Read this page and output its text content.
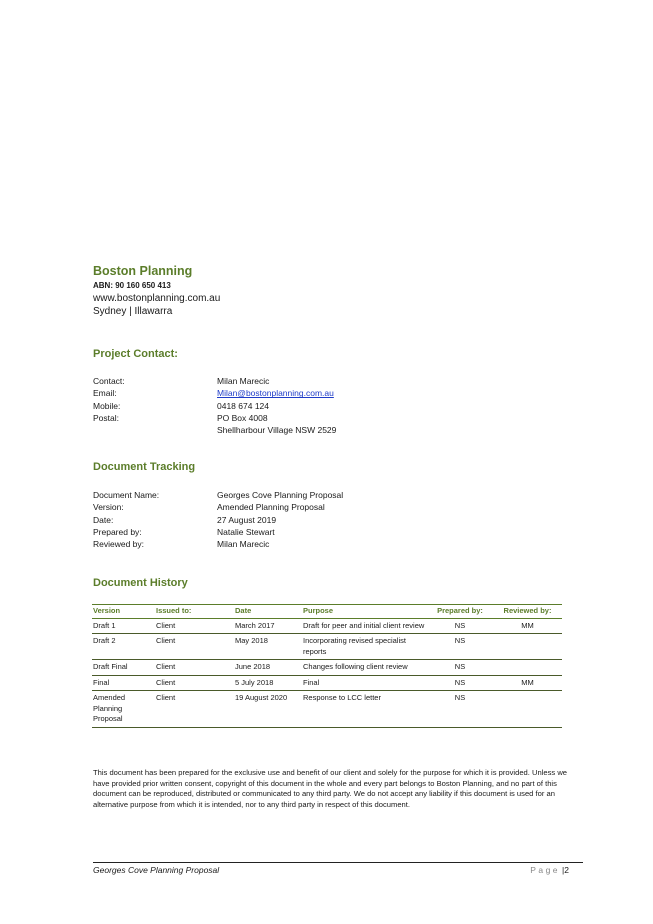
Boston Planning
ABN: 90 160 650 413
www.bostonplanning.com.au
Sydney | Illawarra
Project Contact:
Contact:	Milan Marecic
Email:	Milan@bostonplanning.com.au
Mobile:	0418 674 124
Postal:	PO Box 4008
Shellharbour Village NSW 2529
Document Tracking
Document Name:	Georges Cove Planning Proposal
Version:	Amended Planning Proposal
Date:	27 August 2019
Prepared by:	Natalie Stewart
Reviewed by:	Milan Marecic
Document History
Version	Issued to:	Date	Purpose	Prepared by:	Reviewed by:
Draft 1	Client	March 2017	Draft for peer and initial client review	NS	MM
Draft 2	Client	May 2018	Incorporating revised specialist reports	NS	
Draft Final	Client	June 2018	Changes following client review	NS	
Final	Client	5 July 2018	Final	NS	MM
Amended Planning Proposal	Client	19 August 2020	Response to LCC letter	NS	
This document has been prepared for the exclusive use and benefit of our client and solely for the purpose for which it is provided. Unless we have provided prior written consent, copyright of this document in the whole and every part belongs to Boston Planning, and no part of this document can be reproduced, distributed or communicated to any third party. We do not accept any liability if this document is used for an alternative purpose from which it is intended, nor to any third party in respect of this document.
Georges Cove Planning Proposal	Page |2
